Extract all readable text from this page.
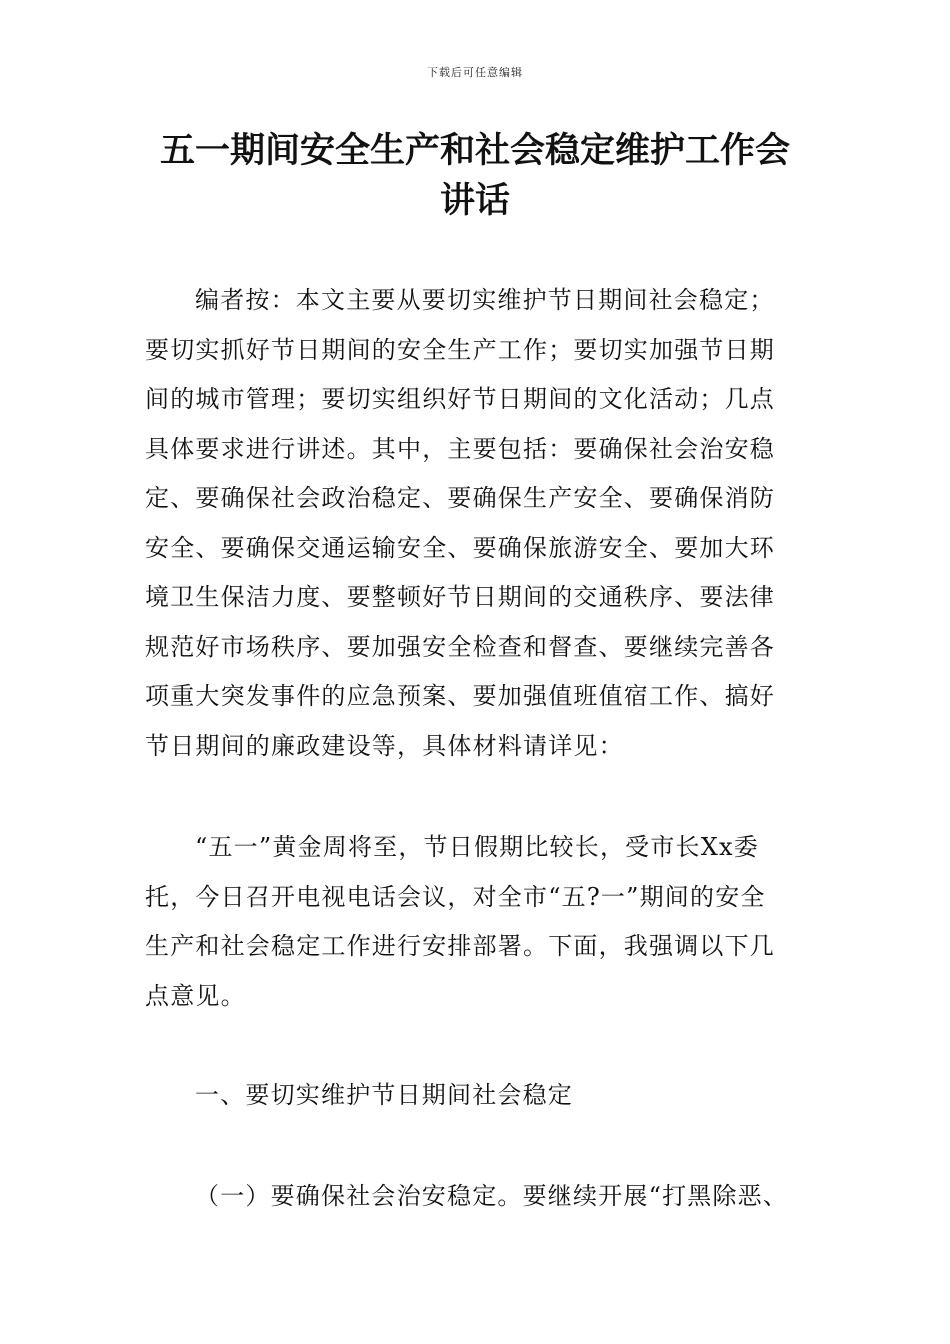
下载后可任意编辑
五一期间安全生产和社会稳定维护工作会
讲话
编者按：本文主要从要切实维护节日期间社会稳定；
要切实抓好节日期间的安全生产工作；要切实加强节日期
间的城市管理；要切实组织好节日期间的文化活动；几点
具体要求进行讲述。其中，主要包括：要确保社会治安稳
定、要确保社会政治稳定、要确保生产安全、要确保消防
安全、要确保交通运输安全、要确保旅游安全、要加大环
境卫生保洁力度、要整顿好节日期间的交通秩序、要法律
规范好市场秩序、要加强安全检查和督查、要继续完善各
项重大突发事件的应急预案、要加强值班值宿工作、搞好
节日期间的廉政建设等，具体材料请详见：
“五一”黄金周将至，节日假期比较长，受市长Xx委
托，今日召开电视电话会议，对全市“五?一”期间的安全
生产和社会稳定工作进行安排部署。下面，我强调以下几
点意见。
一、要切实维护节日期间社会稳定
（一）要确保社会治安稳定。要继续开展“打黑除恶、
